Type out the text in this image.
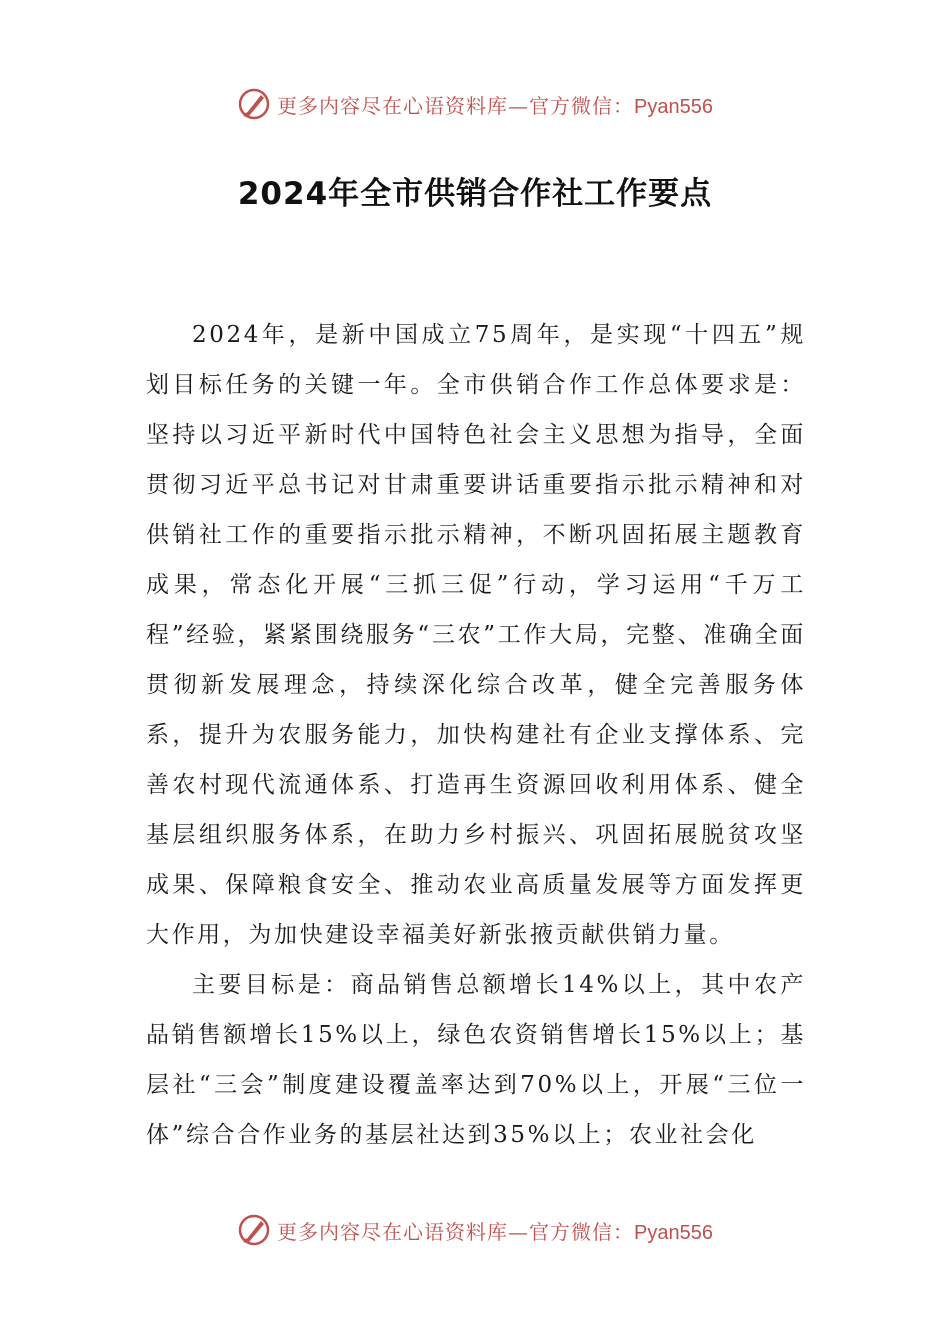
更多内容尽在心语资料库—官方微信：Pyan556
2024年全市供销合作社工作要点

2024年，是新中国成立75周年，是实现“十四五”规划目标任务的关键一年。全市供销合作工作总体要求是：坚持以习近平新时代中国特色社会主义思想为指导，全面贯彻习近平总书记对甘肃重要讲话重要指示批示精神和对供销社工作的重要指示批示精神，不断巩固拓展主题教育成果，常态化开展“三抓三促”行动，学习运用“千万工程”经验，紧紧围绕服务“三农”工作大局，完整、准确全面贯彻新发展理念，持续深化综合改革，健全完善服务体系，提升为农服务能力，加快构建社有企业支撑体系、完善农村现代流通体系、打造再生资源回收利用体系、健全基层组织服务体系，在助力乡村振兴、巩固拓展脱贫攻坚成果、保障粮食安全、推动农业高质量发展等方面发挥更大作用，为加快建设幸福美好新张掖贡献供销力量。

主要目标是：商品销售总额增长14%以上，其中农产品销售额增长15%以上，绿色农资销售增长15%以上；基层社“三会”制度建设覆盖率达到70%以上，开展“三位一体”综合合作业务的基层社达到35%以上；农业社会化

更多内容尽在心语资料库—官方微信：Pyan556
